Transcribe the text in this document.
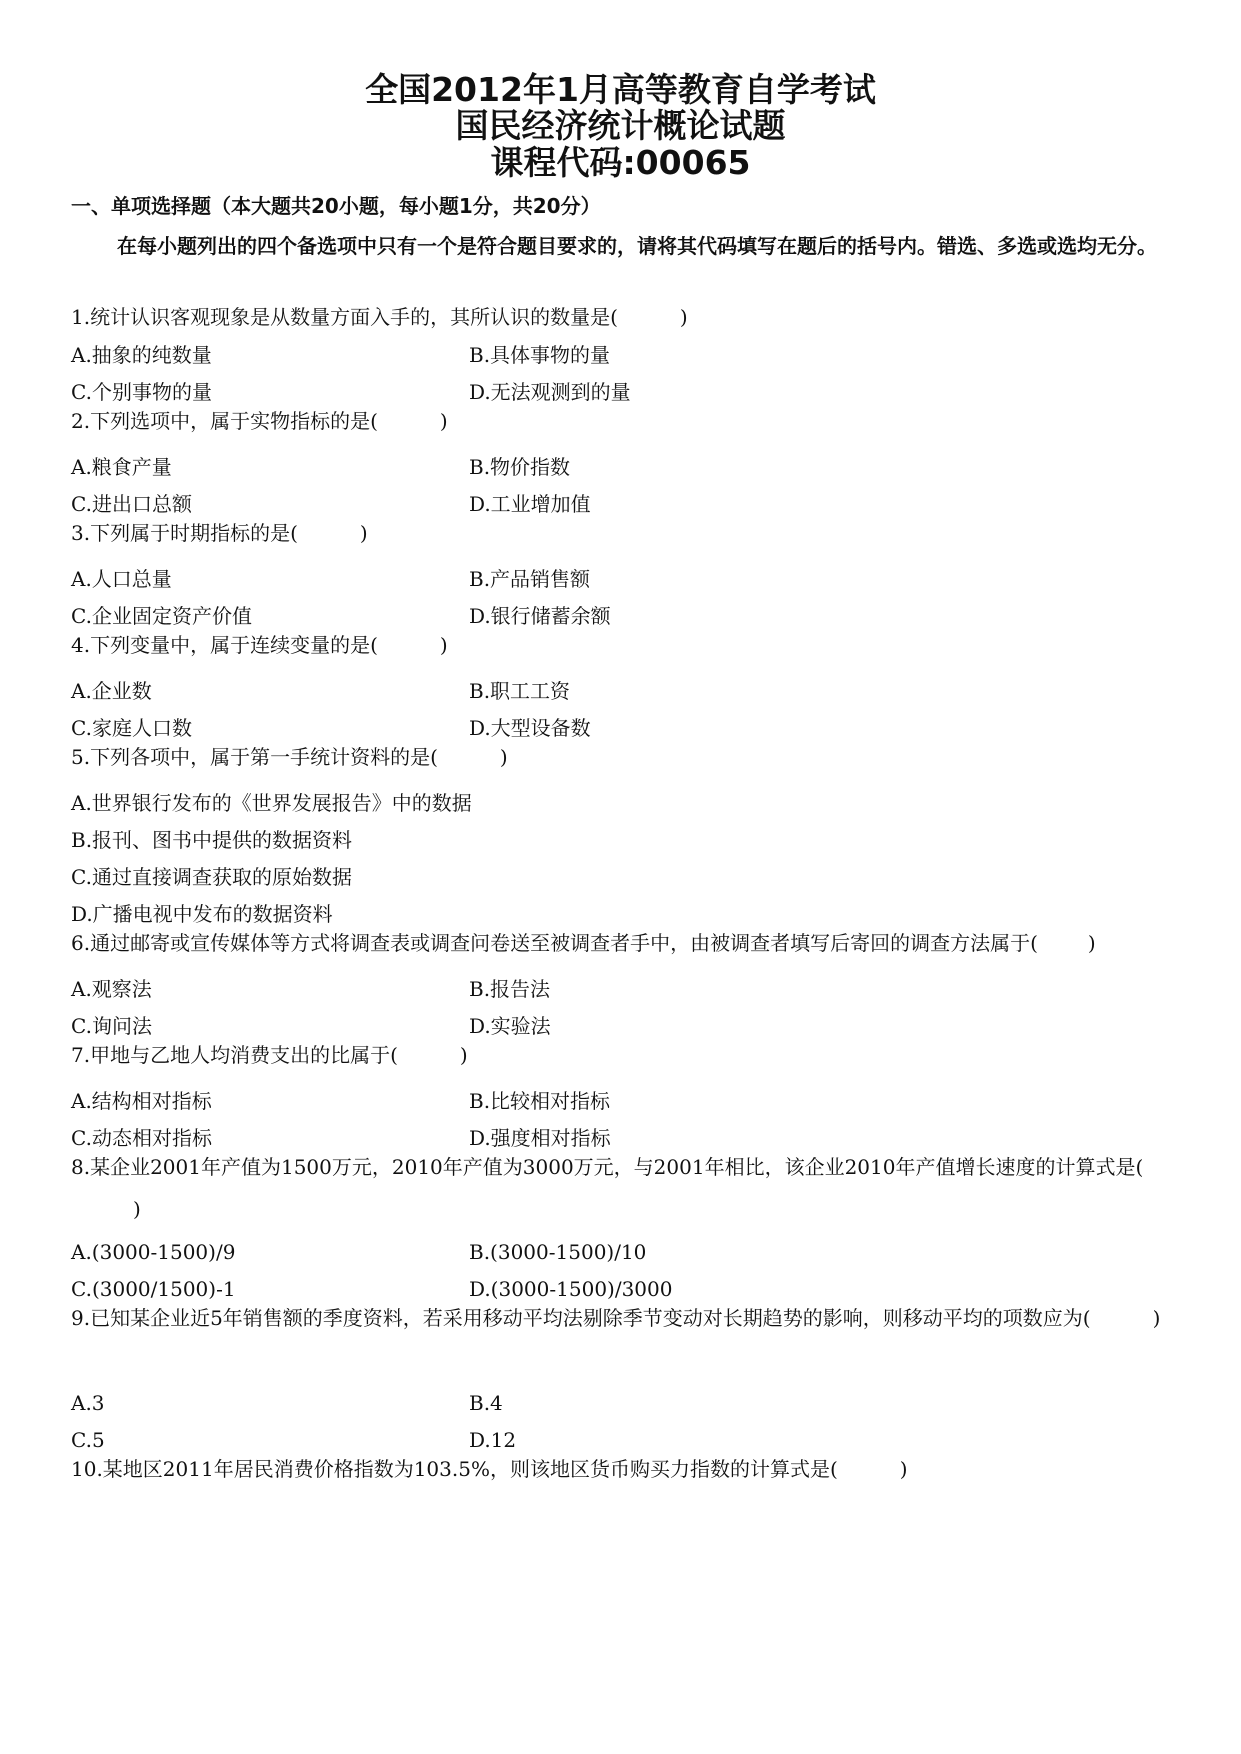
全国2012年1月高等教育自学考试
国民经济统计概论试题
课程代码:00065
一、单项选择题（本大题共20小题，每小题1分，共20分）
在每小题列出的四个备选项中只有一个是符合题目要求的，请将其代码填写在题后的括号内。错选、多选或选均无分。
1.统计认识客观现象是从数量方面入手的，其所认识的数量是(	)
A.抽象的纯数量	B.具体事物的量
C.个别事物的量	D.无法观测到的量
2.下列选项中，属于实物指标的是(	)
A.粮食产量	B.物价指数
C.进出口总额	D.工业增加值
3.下列属于时期指标的是(	)
A.人口总量	B.产品销售额
C.企业固定资产价值	D.银行储蓄余额
4.下列变量中，属于连续变量的是(	)
A.企业数	B.职工工资
C.家庭人口数	D.大型设备数
5.下列各项中，属于第一手统计资料的是(	)
A.世界银行发布的《世界发展报告》中的数据
B.报刊、图书中提供的数据资料
C.通过直接调查获取的原始数据
D.广播电视中发布的数据资料
6.通过邮寄或宣传媒体等方式将调查表或调查问卷送至被调查者手中，由被调查者填写后寄回的调查方法属于(	)
A.观察法	B.报告法
C.询问法	D.实验法
7.甲地与乙地人均消费支出的比属于(	)
A.结构相对指标	B.比较相对指标
C.动态相对指标	D.强度相对指标
8.某企业2001年产值为1500万元，2010年产值为3000万元，与2001年相比，该企业2010年产值增长速度的计算式是()
A.(3000-1500)/9	B.(3000-1500)/10
C.(3000/1500)-1	D.(3000-1500)/3000
9.已知某企业近5年销售额的季度资料，若采用移动平均法剔除季节变动对长期趋势的影响，则移动平均的项数应为(	)
A.3	B.4
C.5	D.12
10.某地区2011年居民消费价格指数为103.5%，则该地区货币购买力指数的计算式是(	)
